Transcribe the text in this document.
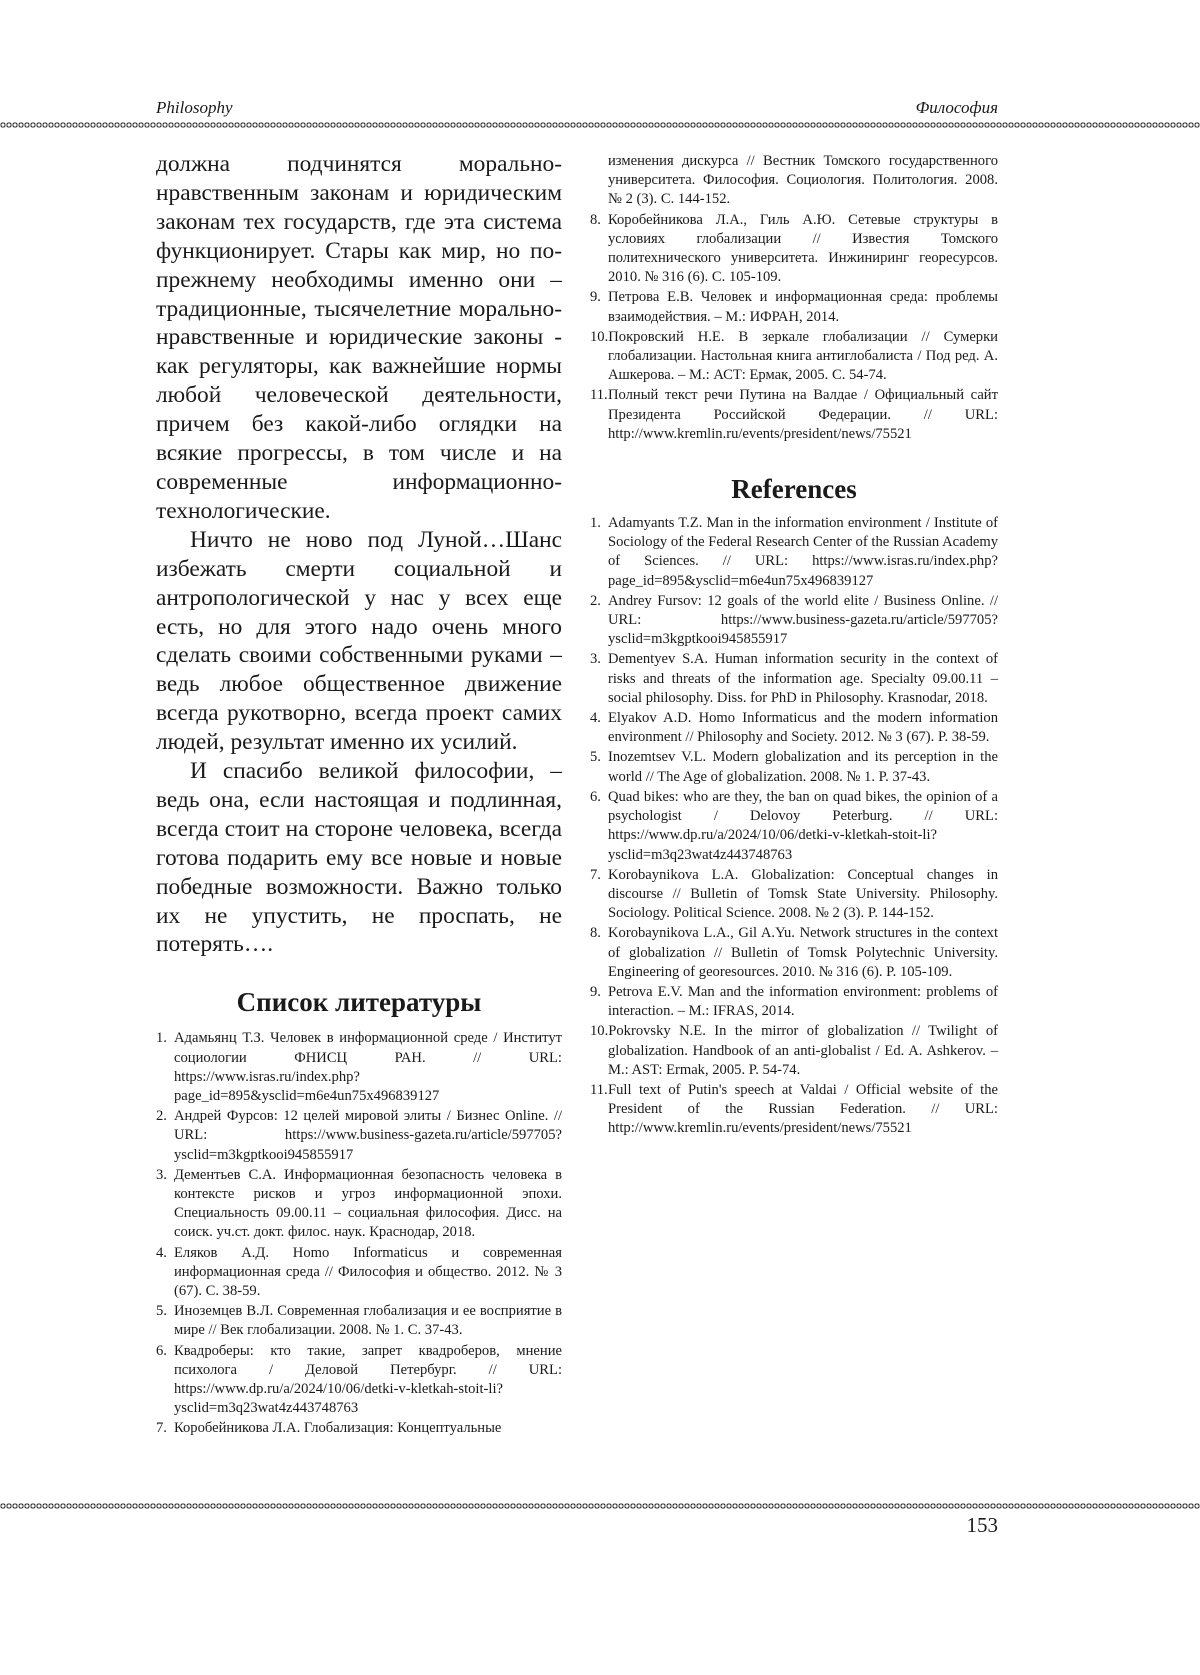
Philosophy	Философия

должна подчинятся морально-нравственным законам и юридическим законам тех государств, где эта система функционирует. Стары как мир, но по-прежнему необходимы именно они – традиционные, тысячелетние морально-нравственные и юридические законы - как регуляторы, как важнейшие нормы любой человеческой деятельности, причем без какой-либо оглядки на всякие прогрессы, в том числе и на современные информационно-технологические.

Ничто не ново под Луной…Шанс избежать смерти социальной и антропологической у нас у всех еще есть, но для этого надо очень много сделать своими собственными руками – ведь любое общественное движение всегда рукотворно, всегда проект самих людей, результат именно их усилий.

И спасибо великой философии, – ведь она, если настоящая и подлинная, всегда стоит на стороне человека, всегда готова подарить ему все новые и новые победные возможности. Важно только их не упустить, не проспать, не потерять….

Список литературы
1. Адамьянц Т.З. Человек в информационной среде / Институт социологии ФНИСЦ РАН. // URL: https://www.isras.ru/index.php?page_id=895&ysclid=m6e4un75x496839127
2. Андрей Фурсов: 12 целей мировой элиты / Бизнес Online. // URL: https://www.business-gazeta.ru/article/597705?ysclid=m3kgptkooi945855917
3. Дементьев С.А. Информационная безопасность человека в контексте рисков и угроз информационной эпохи. Специальность 09.00.11 – социальная философия. Дисс. на соиск. уч.ст. докт. филос. наук. Краснодар, 2018.
4. Еляков А.Д. Homo Informaticus и современная информационная среда // Философия и общество. 2012. № 3 (67). С. 38-59.
5. Иноземцев В.Л. Современная глобализация и ее восприятие в мире // Век глобализации. 2008. № 1. С. 37-43.
6. Квадроберы: кто такие, запрет квадроберов, мнение психолога / Деловой Петербург. // URL: https://www.dp.ru/a/2024/10/06/detki-v-kletkah-stoit-li?ysclid=m3q23wat4z443748763
7. Коробейникова Л.А. Глобализация: Концептуальные
изменения дискурса // Вестник Томского государственного университета. Философия. Социология. Политология. 2008. № 2 (3). С. 144-152.
8. Коробейникова Л.А., Гиль А.Ю. Сетевые структуры в условиях глобализации // Известия Томского политехнического университета. Инжиниринг георесурсов. 2010. № 316 (6). С. 105-109.
9. Петрова Е.В. Человек и информационная среда: проблемы взаимодействия. – М.: ИФРАН, 2014.
10.Покровский Н.Е. В зеркале глобализации // Сумерки глобализации. Настольная книга антиглобалиста / Под ред. А. Ашкерова. – М.: АСТ: Ермак, 2005. С. 54-74.
11.Полный текст речи Путина на Валдае / Официальный сайт Президента Российской Федерации. // URL: http://www.kremlin.ru/events/president/news/75521
References
1. Adamyants T.Z. Man in the information environment / Institute of Sociology of the Federal Research Center of the Russian Academy of Sciences. // URL: https://www.isras.ru/index.php?page_id=895&ysclid=m6e4un75x496839127
2. Andrey Fursov: 12 goals of the world elite / Business Online. // URL: https://www.business-gazeta.ru/article/597705?ysclid=m3kgptkooi945855917
3. Dementyev S.A. Human information security in the context of risks and threats of the information age. Specialty 09.00.11 – social philosophy. Diss. for PhD in Philosophy. Krasnodar, 2018.
4. Elyakov A.D. Homo Informaticus and the modern information environment // Philosophy and Society. 2012. № 3 (67). P. 38-59.
5. Inozemtsev V.L. Modern globalization and its perception in the world // The Age of globalization. 2008. № 1. P. 37-43.
6. Quad bikes: who are they, the ban on quad bikes, the opinion of a psychologist / Delovoy Peterburg. // URL: https://www.dp.ru/a/2024/10/06/detki-v-kletkah-stoit-li?ysclid=m3q23wat4z443748763
7. Korobaynikova L.A. Globalization: Conceptual changes in discourse // Bulletin of Tomsk State University. Philosophy. Sociology. Political Science. 2008. № 2 (3). P. 144-152.
8. Korobaynikova L.A., Gil A.Yu. Network structures in the context of globalization // Bulletin of Tomsk Polytechnic University. Engineering of georesources. 2010. № 316 (6). P. 105-109.
9. Petrova E.V. Man and the information environment: problems of interaction. – M.: IFRAS, 2014.
10.Pokrovsky N.E. In the mirror of globalization // Twilight of globalization. Handbook of an anti-globalist / Ed. A. Ashkerov. – M.: AST: Ermak, 2005. P. 54-74.
11.Full text of Putin's speech at Valdai / Official website of the President of the Russian Federation. // URL: http://www.kremlin.ru/events/president/news/75521
153
